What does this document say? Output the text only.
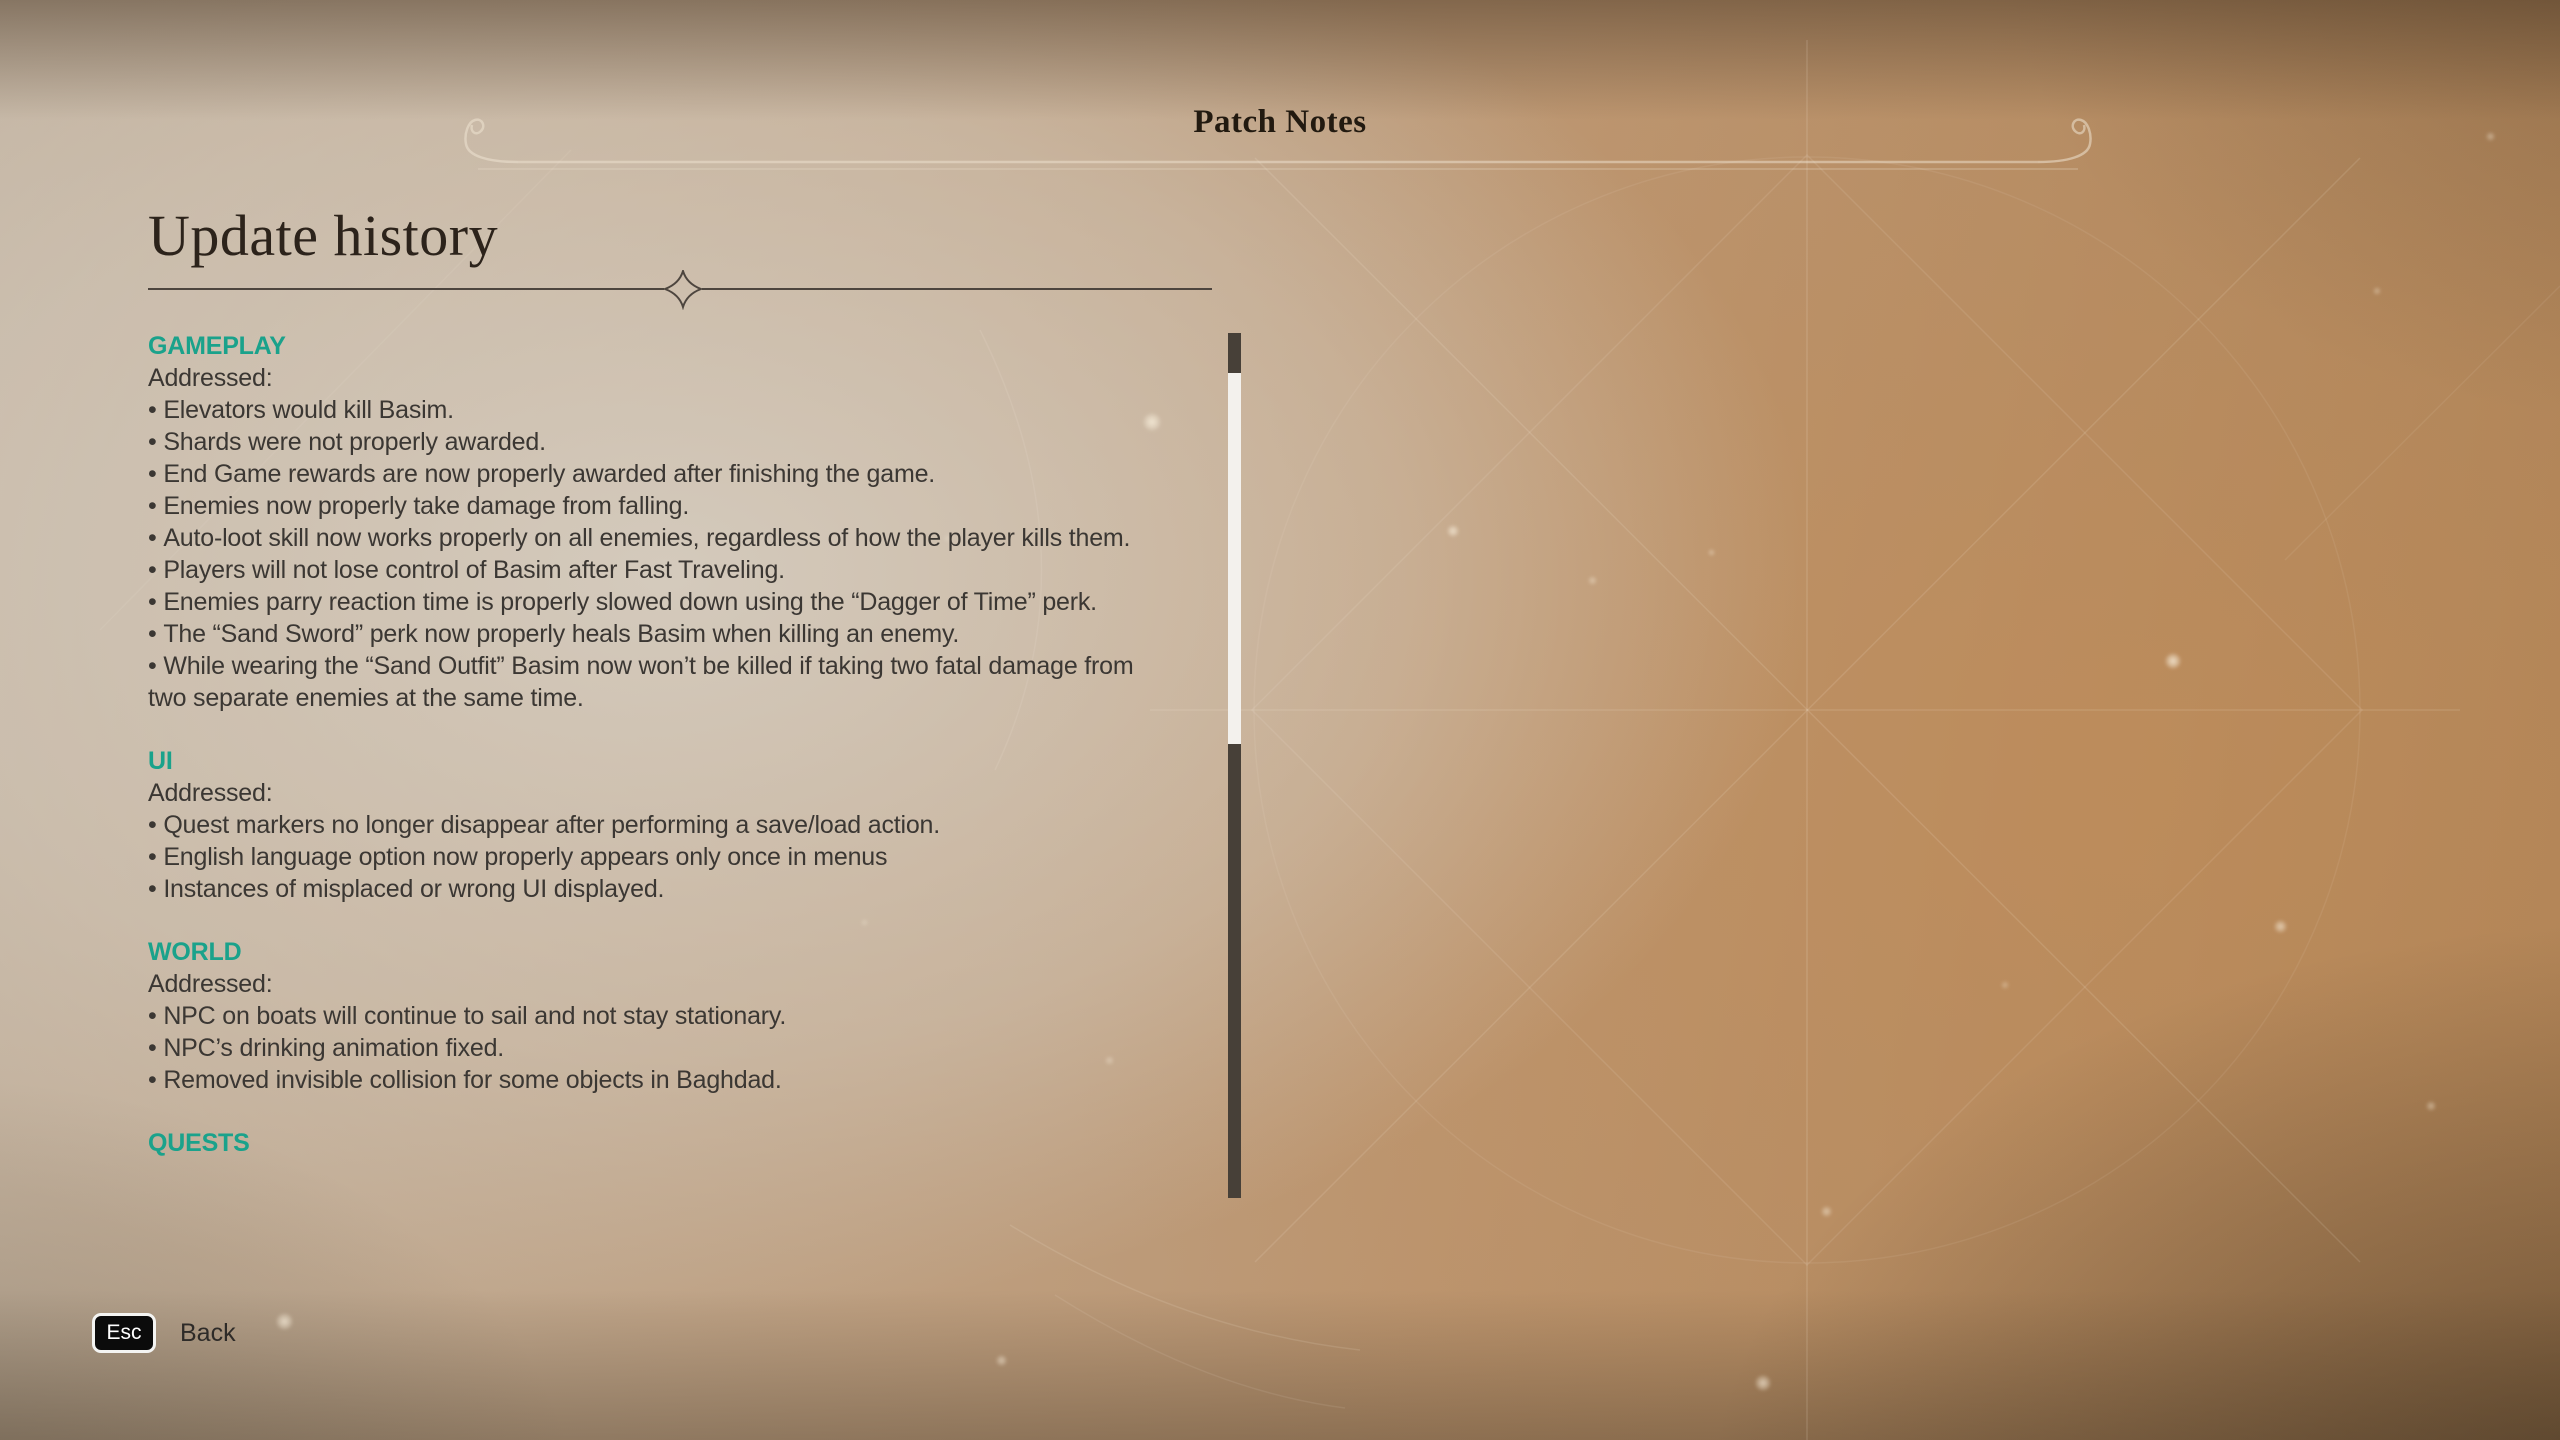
Patch Notes
Update history
GAMEPLAY
Addressed:
• Elevators would kill Basim.
• Shards were not properly awarded.
• End Game rewards are now properly awarded after finishing the game.
• Enemies now properly take damage from falling.
• Auto-loot skill now works properly on all enemies, regardless of how the player kills them.
• Players will not lose control of Basim after Fast Traveling.
• Enemies parry reaction time is properly slowed down using the “Dagger of Time” perk.
• The “Sand Sword” perk now properly heals Basim when killing an enemy.
• While wearing the “Sand Outfit” Basim now won’t be killed if taking two fatal damage from two separate enemies at the same time.
UI
Addressed:
• Quest markers no longer disappear after performing a save/load action.
• English language option now properly appears only once in menus
• Instances of misplaced or wrong UI displayed.
WORLD
Addressed:
• NPC on boats will continue to sail and not stay stationary.
• NPC’s drinking animation fixed.
• Removed invisible collision for some objects in Baghdad.
QUESTS
Esc	Back
